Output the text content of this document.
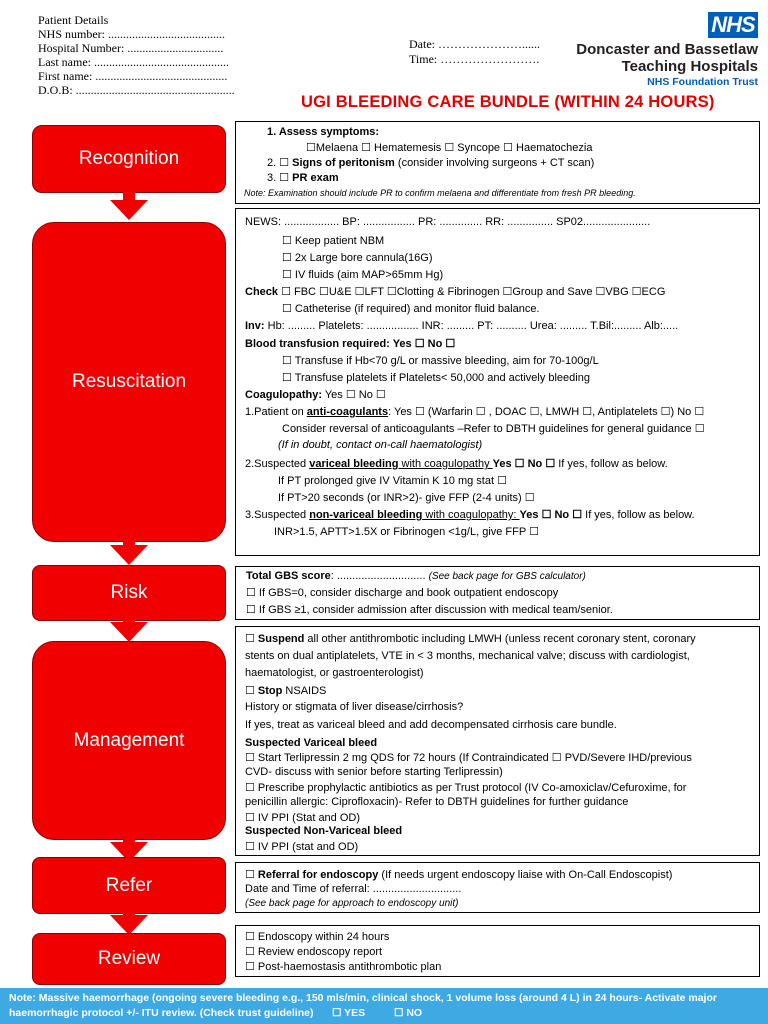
Patient Details
NHS number: .......................................
Hospital Number: ................................
Last name: .............................................
First name: ............................................
D.O.B: .....................................................
Date: …………………......
Time: …………………….
NHS
Doncaster and Bassetlaw
Teaching Hospitals
NHS Foundation Trust
UGI BLEEDING CARE BUNDLE (WITHIN 24 HOURS)
Recognition
Resuscitation
Risk
Management
Refer
Review
1. Assess symptoms:
☐Melaena ☐ Hematemesis ☐ Syncope ☐ Haematochezia
2. ☐ Signs of peritonism (consider involving surgeons + CT scan)
3. ☐ PR exam
Note: Examination should include PR to confirm melaena and differentiate from fresh PR bleeding.
NEWS: .................. BP: ................. PR: .............. RR: ............... SP02......................
☐ Keep patient NBM
☐ 2x Large bore cannula(16G)
☐ IV fluids (aim MAP>65mm Hg)
Check ☐ FBC ☐U&E ☐LFT ☐Clotting & Fibrinogen ☐Group and Save ☐VBG ☐ECG
☐ Catheterise (if required) and monitor fluid balance.
Inv: Hb: ......... Platelets: ................. INR: ......... PT: .......... Urea: ......... T.Bil:......... Alb:.....
Blood transfusion required: Yes ☐ No ☐
☐ Transfuse if Hb<70 g/L or massive bleeding, aim for 70-100g/L
☐ Transfuse platelets if Platelets< 50,000 and actively bleeding
Coagulopathy: Yes ☐ No ☐
1.Patient on anti-coagulants: Yes ☐ (Warfarin ☐ , DOAC ☐, LMWH ☐, Antiplatelets ☐) No ☐
Consider reversal of anticoagulants –Refer to DBTH guidelines for general guidance ☐
(If in doubt, contact on-call haematologist)
2.Suspected variceal bleeding with coagulopathy Yes ☐ No ☐ If yes, follow as below.
If PT prolonged give IV Vitamin K 10 mg stat ☐
If PT>20 seconds (or INR>2)- give FFP (2-4 units) ☐
3.Suspected non-variceal bleeding with coagulopathy: Yes ☐ No ☐ If yes, follow as below.
INR>1.5, APTT>1.5X or Fibrinogen <1g/L, give FFP ☐
Total GBS score: ............................. (See back page for GBS calculator)
☐ If GBS=0, consider discharge and book outpatient endoscopy
☐ If GBS ≥1, consider admission after discussion with medical team/senior.
☐ Suspend all other antithrombotic including LMWH (unless recent coronary stent, coronary
stents on dual antiplatelets, VTE in < 3 months, mechanical valve; discuss with cardiologist,
haematologist, or gastroenterologist)
☐ Stop NSAIDS
History or stigmata of liver disease/cirrhosis?
If yes, treat as variceal bleed and add decompensated cirrhosis care bundle.
Suspected Variceal bleed
☐ Start Terlipressin 2 mg QDS for 72 hours (If Contraindicated ☐ PVD/Severe IHD/previous
CVD- discuss with senior before starting Terlipressin)
☐ Prescribe prophylactic antibiotics as per Trust protocol (IV Co-amoxiclav/Cefuroxime, for
penicillin allergic: Ciprofloxacin)- Refer to DBTH guidelines for further guidance
☐ IV PPI (Stat and OD)
Suspected Non-Variceal bleed
☐ IV PPI (stat and OD)
☐ Referral for endoscopy (If needs urgent endoscopy liaise with On-Call Endoscopist)
Date and Time of referral: .............................
(See back page for approach to endoscopy unit)
☐ Endoscopy within 24 hours
☐ Review endoscopy report
☐ Post-haemostasis antithrombotic plan
Note: Massive haemorrhage (ongoing severe bleeding e.g., 150 mls/min, clinical shock, 1 volume loss (around 4 L) in 24 hours- Activate major
haemorrhagic protocol +/- ITU review. (Check trust guideline) ☐ YES	☐ NO
